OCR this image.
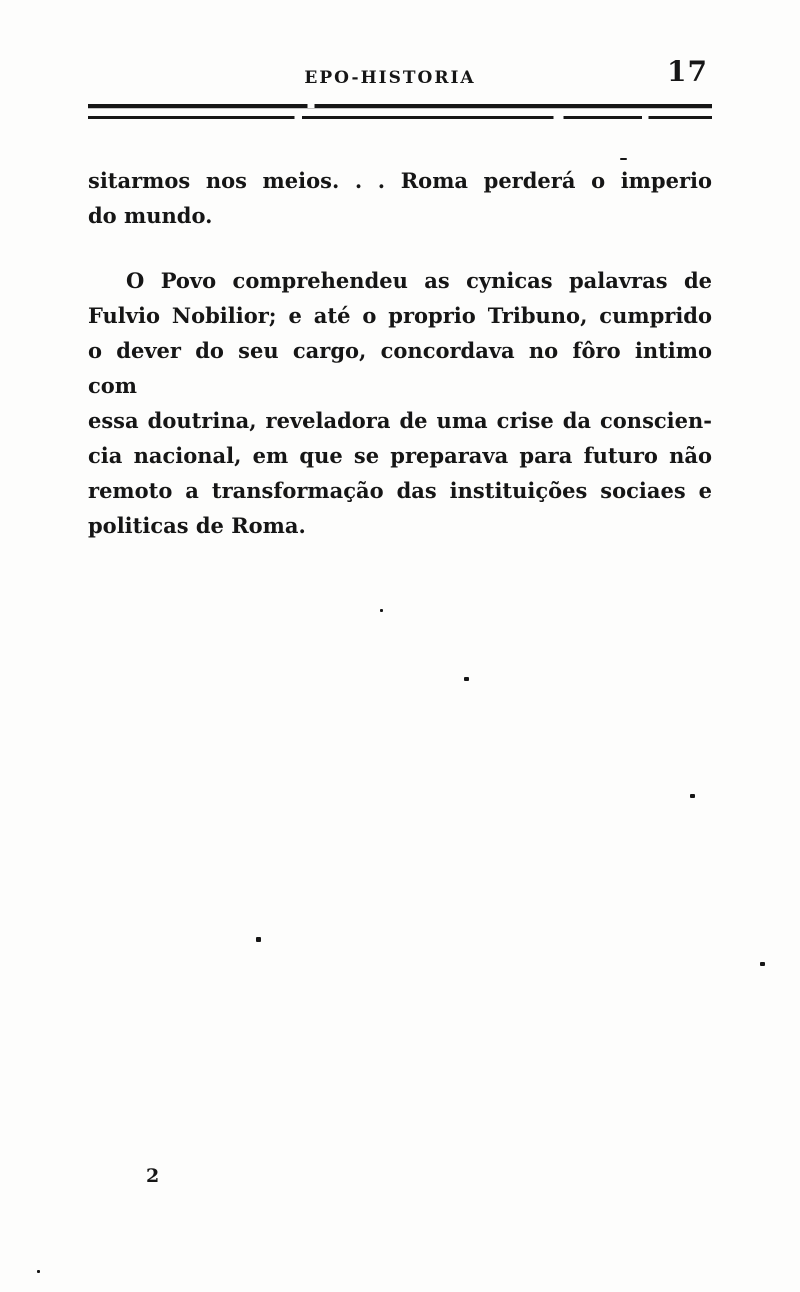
EPO-HISTORIA	17
sitarmos nos meios. . . Roma perderá o imperio
do mundo.
O Povo comprehendeu as cynicas palavras de
Fulvio Nobilior; e até o proprio Tribuno, cumprido
o dever do seu cargo, concordava no fôro intimo com
essa doutrina, reveladora de uma crise da conscien-
cia nacional, em que se preparava para futuro não
remoto a transformação das instituições sociaes e
politicas de Roma.
2
